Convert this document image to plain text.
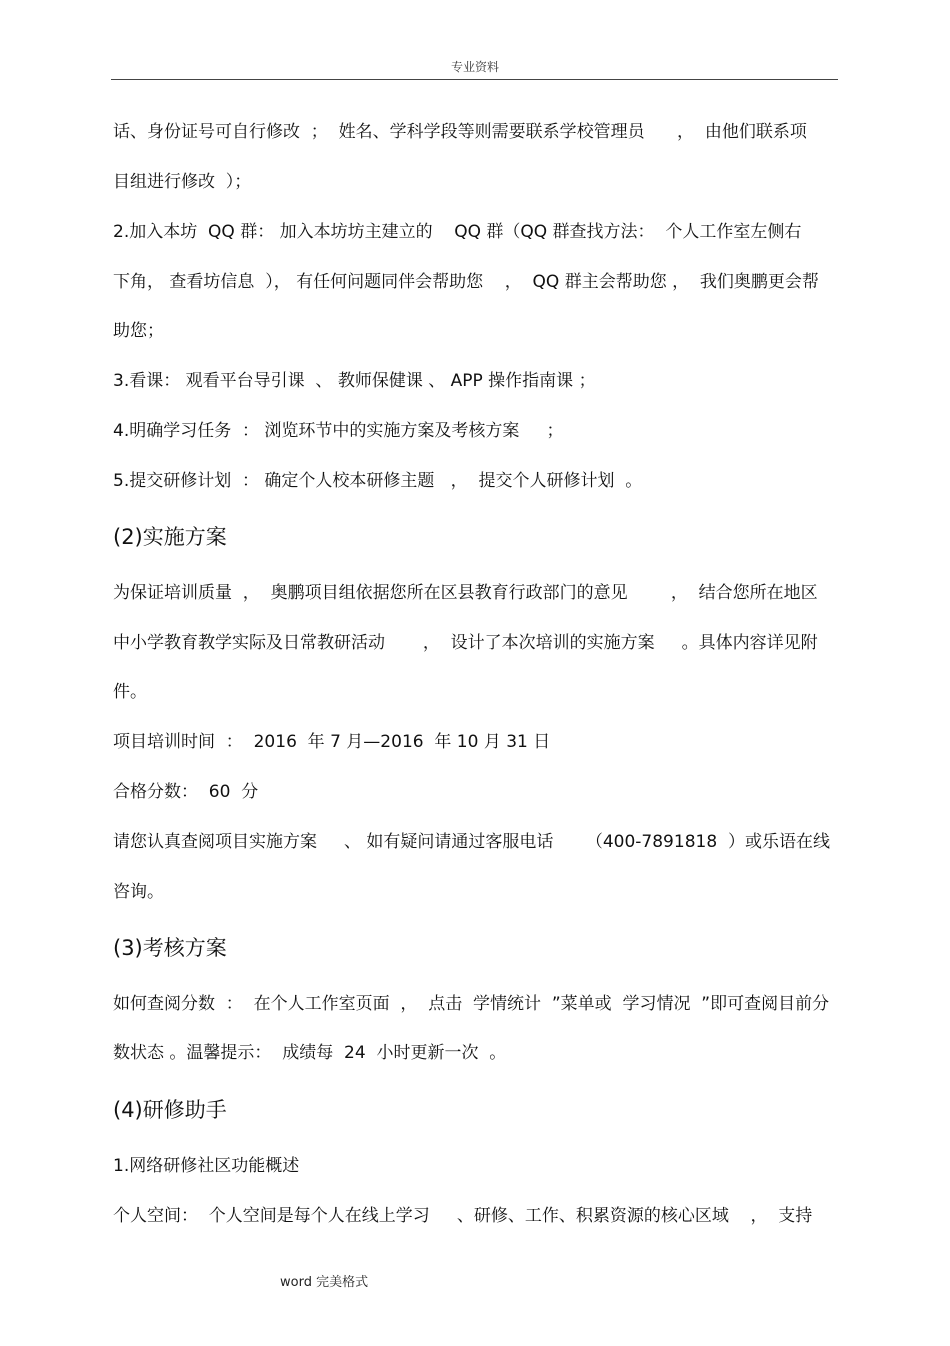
专业资料
话、身份证号可自行修改  ；  姓名、学科学段等则需要联系学校管理员      ，  由他们联系项
目组进行修改  ）；
2.加入本坊  QQ 群： 加入本坊坊主建立的    QQ 群（QQ 群查找方法：  个人工作室左侧右
下角， 查看坊信息  ）， 有任何问题同伴会帮助您    ，  QQ 群主会帮助您 ，  我们奥鹏更会帮
助您；
3.看课： 观看平台导引课  、 教师保健课 、 APP 操作指南课 ；
4.明确学习任务  ： 浏览环节中的实施方案及考核方案     ；
5.提交研修计划  ： 确定个人校本研修主题   ，  提交个人研修计划  。
(2)实施方案
为保证培训质量  ，  奥鹏项目组依据您所在区县教育行政部门的意见        ，  结合您所在地区
中小学教育教学实际及日常教研活动       ，  设计了本次培训的实施方案     。具体内容详见附
件。
项目培训时间  ：  2016  年 7 月—2016  年 10 月 31 日
合格分数：  60  分
请您认真查阅项目实施方案     、 如有疑问请通过客服电话      （400-7891818  ）或乐语在线
咨询。
(3)考核方案
如何查阅分数  ：  在个人工作室页面  ，  点击  学情统计  ”菜单或  学习情况  ”即可查阅目前分
数状态 。温馨提示：  成绩每  24  小时更新一次  。
(4)研修助手
1.网络研修社区功能概述
个人空间：  个人空间是每个人在线上学习     、研修、工作、积累资源的核心区域    ，  支持
word 完美格式
